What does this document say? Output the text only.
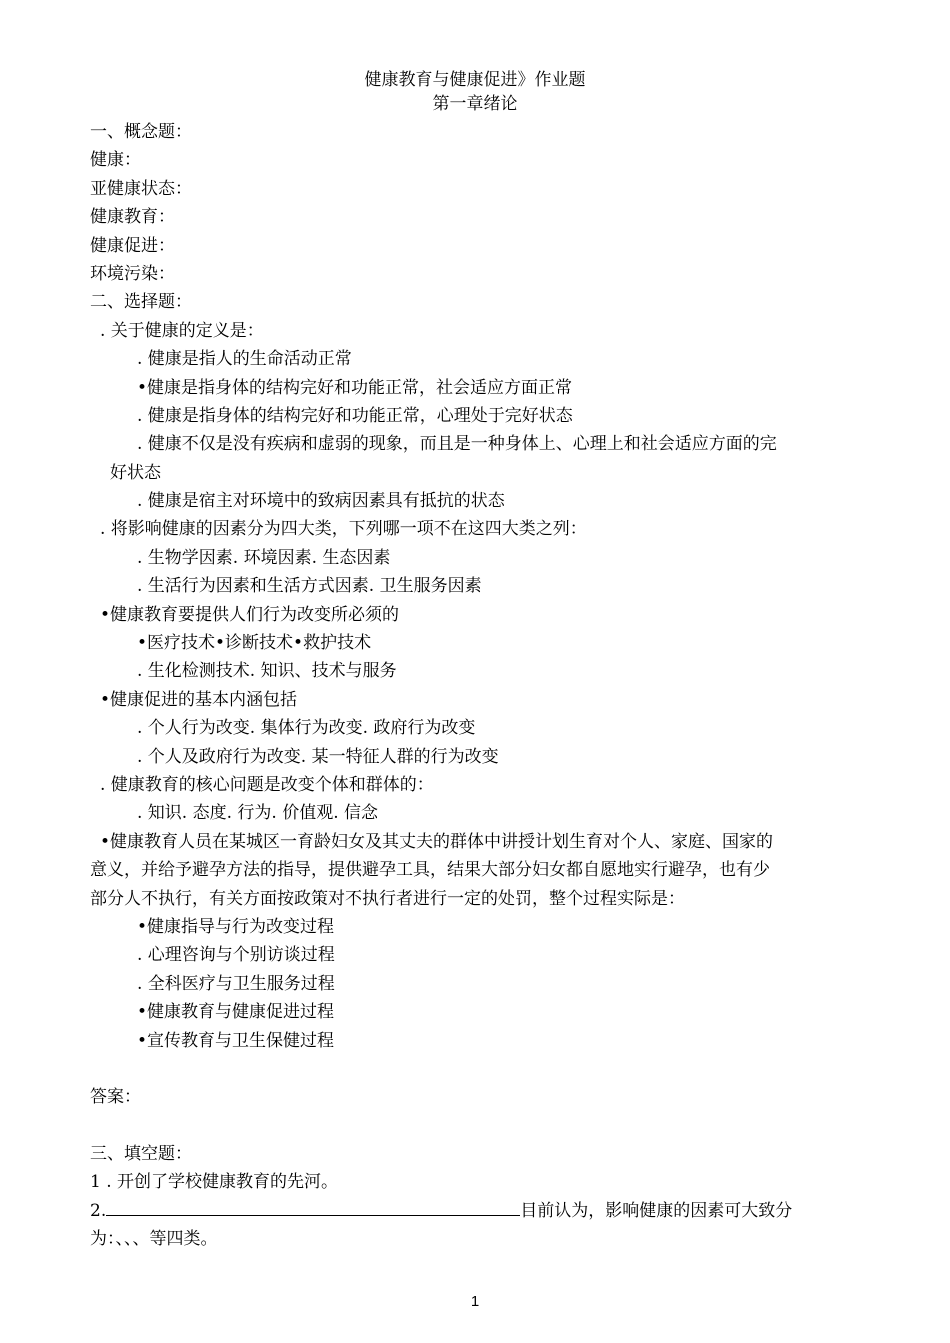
健康教育与健康促进》作业题
第一章绪论
一、概念题：
健康：
亚健康状态：
健康教育：
健康促进：
环境污染：
二、选择题：
. 关于健康的定义是：
. 健康是指人的生命活动正常
•健康是指身体的结构完好和功能正常，社会适应方面正常
. 健康是指身体的结构完好和功能正常，心理处于完好状态
. 健康不仅是没有疾病和虚弱的现象，而且是一种身体上、心理上和社会适应方面的完
好状态
. 健康是宿主对环境中的致病因素具有抵抗的状态
. 将影响健康的因素分为四大类，下列哪一项不在这四大类之列：
. 生物学因素. 环境因素. 生态因素
. 生活行为因素和生活方式因素. 卫生服务因素
•健康教育要提供人们行为改变所必须的
•医疗技术•诊断技术•救护技术
. 生化检测技术. 知识、技术与服务
•健康促进的基本内涵包括
. 个人行为改变. 集体行为改变. 政府行为改变
. 个人及政府行为改变. 某一特征人群的行为改变
. 健康教育的核心问题是改变个体和群体的：
. 知识. 态度. 行为. 价值观. 信念
•健康教育人员在某城区一育龄妇女及其丈夫的群体中讲授计划生育对个人、家庭、国家的
意义，并给予避孕方法的指导，提供避孕工具，结果大部分妇女都自愿地实行避孕，也有少
部分人不执行，有关方面按政策对不执行者进行一定的处罚，整个过程实际是：
•健康指导与行为改变过程
. 心理咨询与个别访谈过程
. 全科医疗与卫生服务过程
•健康教育与健康促进过程
•宣传教育与卫生保健过程
答案：
三、填空题：
1 . 开创了学校健康教育的先河。
2.	目前认为，影响健康的因素可大致分
为：、、、等四类。
1
